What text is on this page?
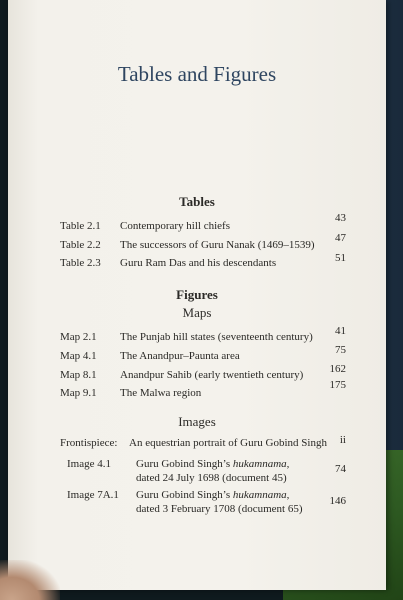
Tables and Figures
Tables
Table 2.1 Contemporary hill chiefs
43
Table 2.2 The successors of Guru Nanak (1469–1539)
47
Table 2.3 Guru Ram Das and his descendants	51
Figures
Maps
Map 2.1 The Punjab hill states (seventeenth century) 41
Map 4.1 The Anandpur–Paunta area	75
Map 8.1 Anandpur Sahib (early twentieth century) 162
Map 9.1 The Malwa region
175
Images
Frontispiece: An equestrian portrait of Guru Gobind Singh ii
Image 4.1 Guru Gobind Singh’s hukamnama,
dated 24 July 1698 (document 45)
74
Image 7A.1 Guru Gobind Singh’s hukamnama,
dated 3 February 1708 (document 65)
146
